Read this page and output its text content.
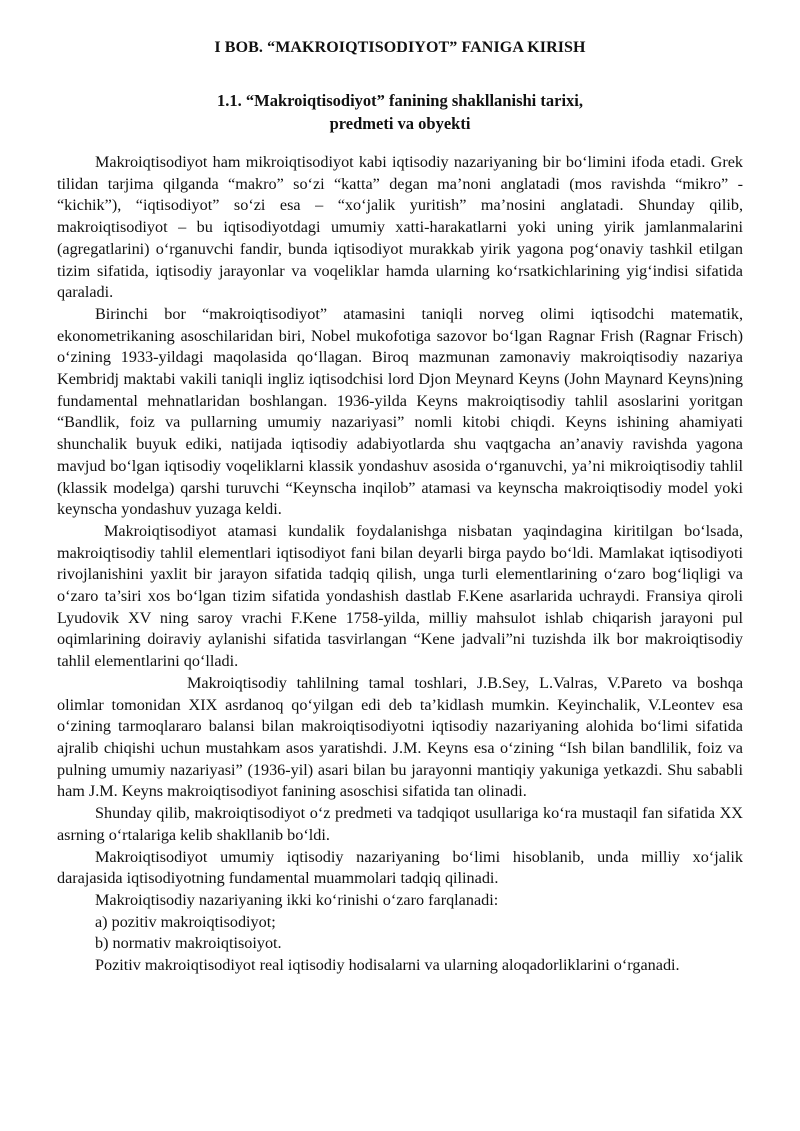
I BOB. “MAKROIQTISODIYOT” FANIGA KIRISH
1.1. “Makroiqtisodiyot” fanining shakllanishi tarixi,
predmeti va obyekti

Makroiqtisodiyot ham mikroiqtisodiyot kabi iqtisodiy nazariyaning bir bo‘limini ifoda etadi. Grek tilidan tarjima qilganda “makro” so‘zi “katta” degan ma’noni anglatadi (mos ravishda “mikro” - “kichik”), “iqtisodiyot” so‘zi esa – “xo‘jalik yuritish” ma’nosini anglatadi. Shunday qilib, makroiqtisodiyot – bu iqtisodiyotdagi umumiy xatti-harakatlarni yoki uning yirik jamlanmalarini (agregatlarini) o‘rganuvchi fandir, bunda iqtisodiyot murakkab yirik yagona pog‘onaviy tashkil etilgan tizim sifatida, iqtisodiy jarayonlar va voqeliklar hamda ularning ko‘rsatkichlarining yig‘indisi sifatida qaraladi.

Birinchi bor “makroiqtisodiyot” atamasini taniqli norveg olimi iqtisodchi matematik, ekonometrikaning asoschilaridan biri, Nobel mukofotiga sazovor bo‘lgan Ragnar Frish (Ragnar Frisch) o‘zining 1933-yildagi maqolasida qo‘llagan. Biroq mazmunan zamonaviy makroiqtisodiy nazariya Kembridj maktabi vakili taniqli ingliz iqtisodchisi lord Djon Meynard Keyns (John Maynard Keyns)ning fundamental mehnatlaridan boshlangan. 1936-yilda Keyns makroiqtisodiy tahlil asoslarini yoritgan “Bandlik, foiz va pullarning umumiy nazariyasi” nomli kitobi chiqdi. Keyns ishining ahamiyati shunchalik buyuk ediki, natijada iqtisodiy adabiyotlarda shu vaqtgacha an’anaviy ravishda yagona mavjud bo‘lgan iqtisodiy voqeliklarni klassik yondashuv asosida o‘rganuvchi, ya’ni mikroiqtisodiy tahlil (klassik modelga) qarshi turuvchi “Keynscha inqilob” atamasi va keynscha makroiqtisodiy model yoki keynscha yondashuv yuzaga keldi.

Makroiqtisodiyot atamasi kundalik foydalanishga nisbatan yaqindagina kiritilgan bo‘lsada, makroiqtisodiy tahlil elementlari iqtisodiyot fani bilan deyarli birga paydo bo‘ldi. Mamlakat iqtisodiyoti rivojlanishini yaxlit bir jarayon sifatida tadqiq qilish, unga turli elementlarining o‘zaro bog‘liqligi va o‘zaro ta’siri xos bo‘lgan tizim sifatida yondashish dastlab F.Kene asarlarida uchraydi. Fransiya qiroli Lyudovik XV ning saroy vrachi F.Kene 1758-yilda, milliy mahsulot ishlab chiqarish jarayoni pul oqimlarining doiraviy aylanishi sifatida tasvirlangan “Kene jadvali”ni tuzishda ilk bor makroiqtisodiy tahlil elementlarini qo‘lladi.

Makroiqtisodiy tahlilning tamal toshlari, J.B.Sey, L.Valras, V.Pareto va boshqa olimlar tomonidan XIX asrdanoq qo‘yilgan edi deb ta’kidlash mumkin. Keyinchalik, V.Leontev esa o‘zining tarmoqlararo balansi bilan makroiqtisodiyotni iqtisodiy nazariyaning alohida bo‘limi sifatida ajralib chiqishi uchun mustahkam asos yaratishdi. J.M. Keyns esa o‘zining “Ish bilan bandlilik, foiz va pulning umumiy nazariyasi” (1936-yil) asari bilan bu jarayonni mantiqiy yakuniga yetkazdi. Shu sababli ham J.M. Keyns makroiqtisodiyot fanining asoschisi sifatida tan olinadi.

Shunday qilib, makroiqtisodiyot o‘z predmeti va tadqiqot usullariga ko‘ra mustaqil fan sifatida XX asrning o‘rtalariga kelib shakllanib bo‘ldi.

Makroiqtisodiyot umumiy iqtisodiy nazariyaning bo‘limi hisoblanib, unda milliy xo‘jalik darajasida iqtisodiyotning fundamental muammolari tadqiq qilinadi.

Makroiqtisodiy nazariyaning ikki ko‘rinishi o‘zaro farqlanadi:

a) pozitiv makroiqtisodiyot;

b) normativ makroiqtisoiyot.

Pozitiv makroiqtisodiyot real iqtisodiy hodisalarni va ularning aloqadorliklarini o‘rganadi.
